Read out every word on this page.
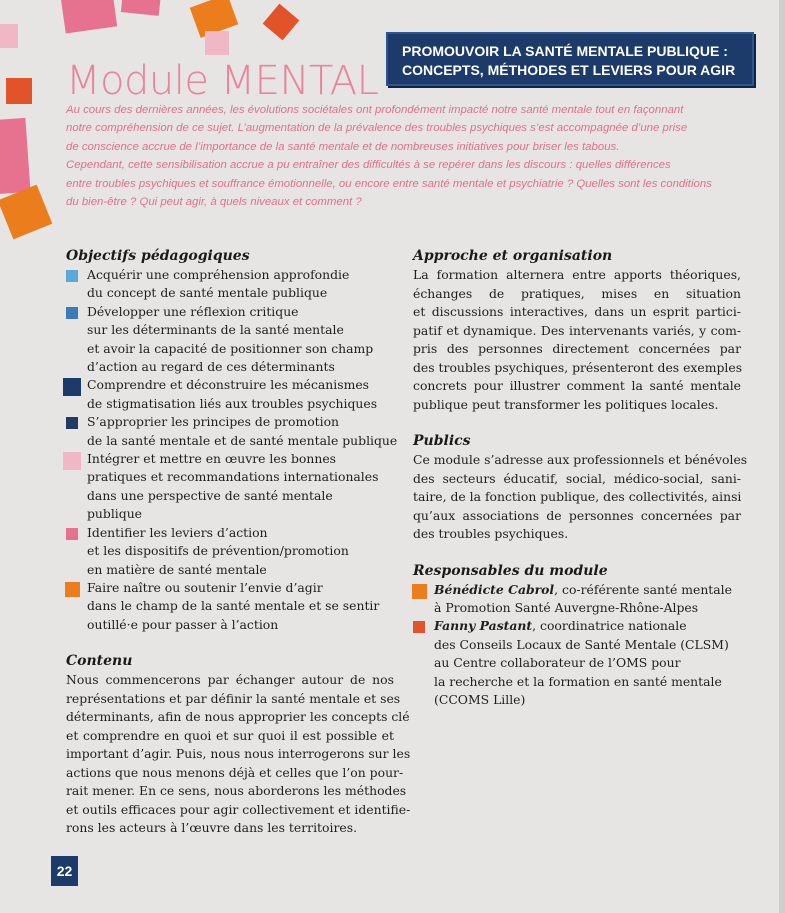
Module MENTAL
PROMOUVOIR LA SANTÉ MENTALE PUBLIQUE :
CONCEPTS, MÉTHODES ET LEVIERS POUR AGIR
Au cours des dernières années, les évolutions sociétales ont profondément impacté notre santé mentale tout en façonnant
notre compréhension de ce sujet. L’augmentation de la prévalence des troubles psychiques s’est accompagnée d’une prise
de conscience accrue de l’importance de la santé mentale et de nombreuses initiatives pour briser les tabous.
Cependant, cette sensibilisation accrue a pu entraîner des difficultés à se repérer dans les discours : quelles différences
entre troubles psychiques et souffrance émotionnelle, ou encore entre santé mentale et psychiatrie ? Quelles sont les conditions
du bien-être ? Qui peut agir, à quels niveaux et comment ?
Objectifs pédagogiques
Acquérir une compréhension approfondie
du concept de santé mentale publique
Développer une réflexion critique
sur les déterminants de la santé mentale
et avoir la capacité de positionner son champ
d’action au regard de ces déterminants
Comprendre et déconstruire les mécanismes
de stigmatisation liés aux troubles psychiques
S’approprier les principes de promotion
de la santé mentale et de santé mentale publique
Intégrer et mettre en œuvre les bonnes
pratiques et recommandations internationales
dans une perspective de santé mentale
publique
Identifier les leviers d’action
et les dispositifs de prévention/promotion
en matière de santé mentale
Faire naître ou soutenir l’envie d’agir
dans le champ de la santé mentale et se sentir
outillé·e pour passer à l’action
Contenu

Nous commencerons par échanger autour de nos
représentations et par définir la santé mentale et ses
déterminants, afin de nous approprier les concepts clé
et comprendre en quoi et sur quoi il est possible et
important d’agir. Puis, nous nous interrogerons sur les
actions que nous menons déjà et celles que l’on pour-
rait mener. En ce sens, nous aborderons les méthodes
et outils efficaces pour agir collectivement et identifie-
rons les acteurs à l’œuvre dans les territoires.

Approche et organisation

La formation alternera entre apports théoriques,
échanges de pratiques, mises en situation
et discussions interactives, dans un esprit partici-
patif et dynamique. Des intervenants variés, y com-
pris des personnes directement concernées par
des troubles psychiques, présenteront des exemples
concrets pour illustrer comment la santé mentale
publique peut transformer les politiques locales.

Publics

Ce module s’adresse aux professionnels et bénévoles
des secteurs éducatif, social, médico-social, sani-
taire, de la fonction publique, des collectivités, ainsi
qu’aux associations de personnes concernées par
des troubles psychiques.

Responsables du module
Bénédicte Cabrol, co-référente santé mentale
à Promotion Santé Auvergne-Rhône-Alpes
Fanny Pastant, coordinatrice nationale
des Conseils Locaux de Santé Mentale (CLSM)
au Centre collaborateur de l’OMS pour
la recherche et la formation en santé mentale
(CCOMS Lille)
22
